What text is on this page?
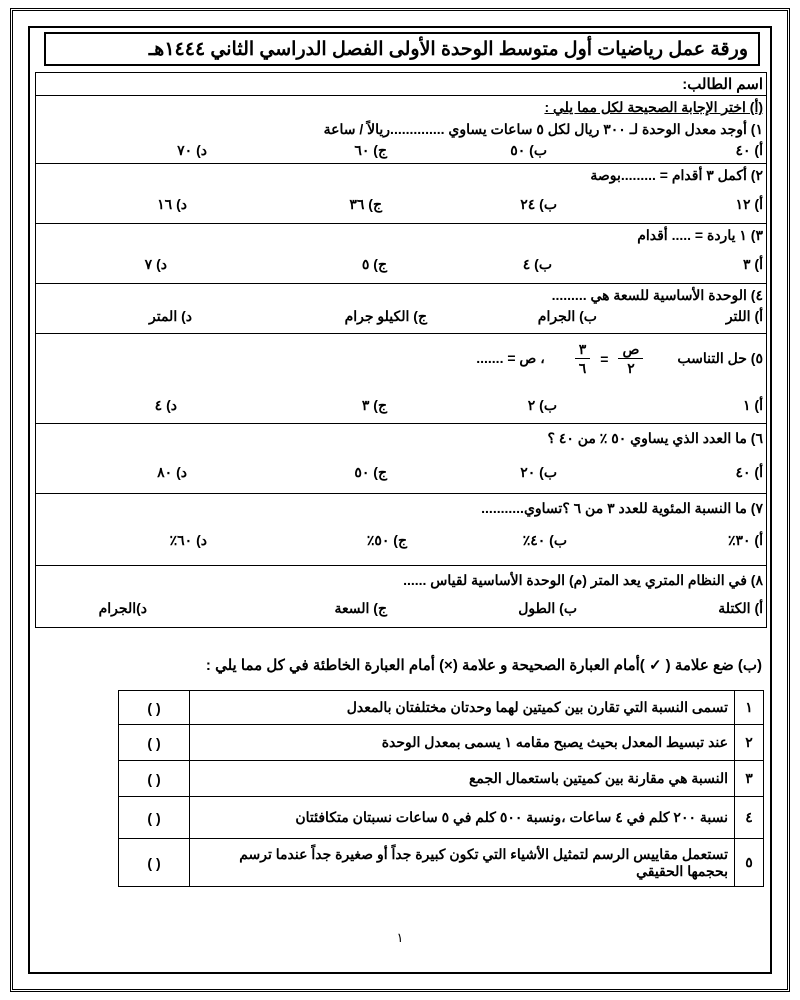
ورقة عمل رياضيات أول متوسط الوحدة الأولى الفصل الدراسي الثاني ١٤٤٤هـ
اسم الطالب:
(أ) اختر الإجابة الصحيحة لكل مما يلي :
١) أوجد معدل الوحدة لـ ٣٠٠ ريال لكل ٥ ساعات يساوي ..............ريالاً / ساعة
أ) ٤٠
ب) ٥٠
ج) ٦٠
د) ٧٠
٢) أكمل ٣ أقدام = .........بوصة
أ) ١٢
ب) ٢٤
ج) ٣٦
د) ١٦
٣) ١ ياردة = ..... أقدام
أ) ٣
ب) ٤
ج) ٥
د) ٧
٤) الوحدة الأساسية للسعة هي .........
أ) اللتر
ب) الجرام
ج) الكيلو جرام
د) المتر
٥) حل التناسب
$\frac{\text{ص}}{٢}$
=
$\frac{٣}{٦}$
، ص = .......
أ) ١
ب) ٢
ج) ٣
د) ٤
٦) ما العدد الذي يساوي ٥٠ ٪ من ٤٠ ؟
أ) ٤٠
ب) ٢٠
ج) ٥٠
د) ٨٠
٧) ما النسبة المئوية للعدد ٣ من ٦ ؟تساوي...........
أ) ٣٠٪
ب) ٤٠٪
ج) ٥٠٪
د) ٦٠٪
٨) في النظام المتري يعد المتر (م) الوحدة الأساسية لقياس ......
أ) الكتلة
ب) الطول
ج) السعة
د)الجرام
(ب) ضع علامة ( ✓ )أمام العبارة الصحيحة و علامة (×) أمام العبارة الخاطئة في كل مما يلي :
١	تسمى النسبة التي تقارن بين كميتين لهما وحدتان مختلفتان بالمعدل	( )
٢	عند تبسيط المعدل بحيث يصبح مقامه ١ يسمى بمعدل الوحدة	( )
٣	النسبة هي مقارنة بين كميتين باستعمال الجمع	( )
٤	نسبة ٢٠٠ كلم في ٤ ساعات ،ونسبة ٥٠٠ كلم في ٥ ساعات نسبتان متكافئتان	( )
٥	تستعمل مقاييس الرسم لتمثيل الأشياء التي تكون كبيرة جداً أو صغيرة جداً عندما ترسم بحجمها الحقيقي	( )
١
